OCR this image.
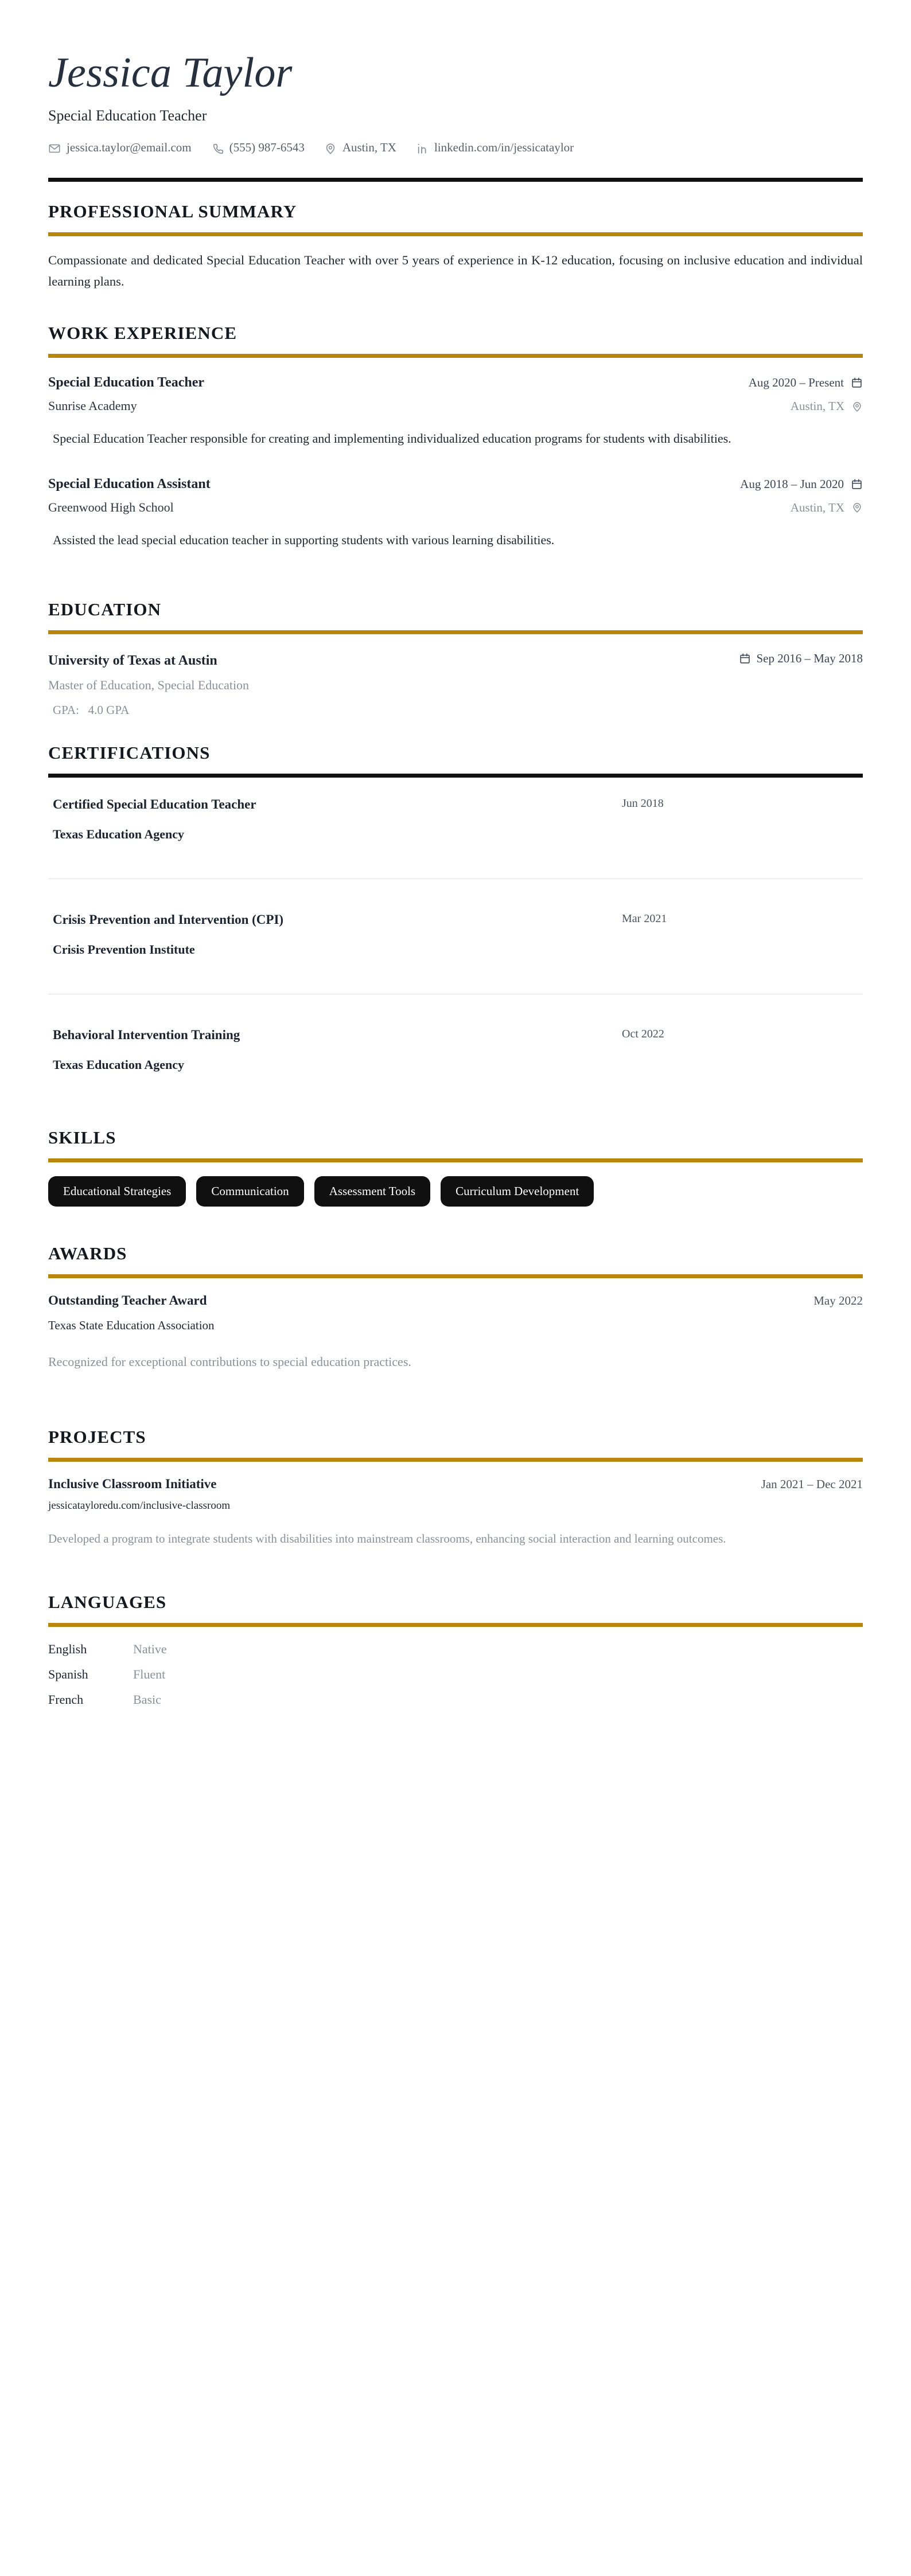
Jessica Taylor
Special Education Teacher
jessica.taylor@email.com	(555) 987-6543	Austin, TX	linkedin.com/in/jessicataylor
PROFESSIONAL SUMMARY
Compassionate and dedicated Special Education Teacher with over 5 years of experience in K-12 education, focusing on inclusive education and individual learning plans.
WORK EXPERIENCE
Special Education Teacher	Aug 2020 – Present
Sunrise Academy	Austin, TX
Special Education Teacher responsible for creating and implementing individualized education programs for students with disabilities.
Special Education Assistant	Aug 2018 – Jun 2020
Greenwood High School	Austin, TX
Assisted the lead special education teacher in supporting students with various learning disabilities.
EDUCATION
University of Texas at Austin	Sep 2016 – May 2018
Master of Education, Special Education
GPA: 4.0 GPA
CERTIFICATIONS
Certified Special Education Teacher
Texas Education Agency
Jun 2018
Crisis Prevention and Intervention (CPI)
Crisis Prevention Institute
Mar 2021
Behavioral Intervention Training
Texas Education Agency
Oct 2022
SKILLS
Educational Strategies	Communication	Assessment Tools	Curriculum Development
AWARDS
Outstanding Teacher Award	May 2022
Texas State Education Association
Recognized for exceptional contributions to special education practices.
PROJECTS
Inclusive Classroom Initiative	Jan 2021 – Dec 2021
jessicatayloredu.com/inclusive-classroom
Developed a program to integrate students with disabilities into mainstream classrooms, enhancing social interaction and learning outcomes.
LANGUAGES
English	Native
Spanish	Fluent
French	Basic
